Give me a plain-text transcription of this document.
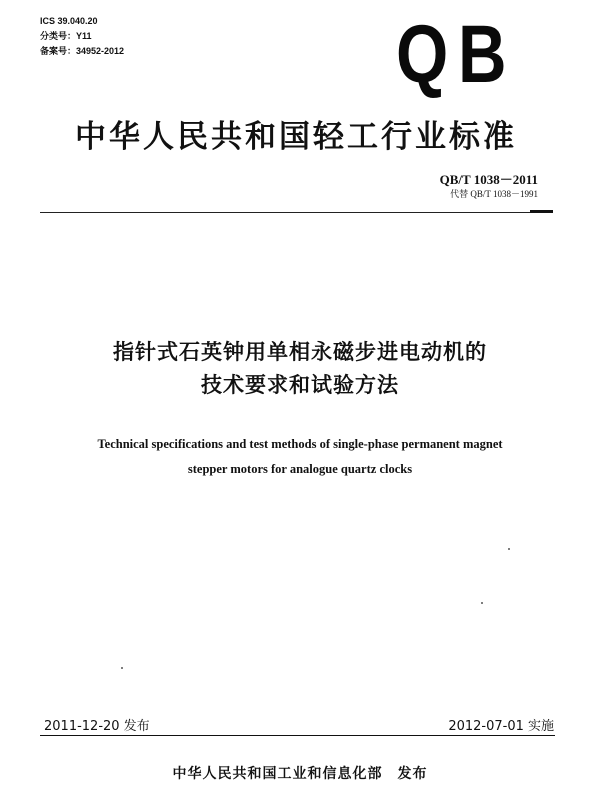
ICS 39.040.20
分类号：Y11
备案号：34952-2012	Q B
中华人民共和国轻工行业标准
QB/T 1038－2011
代替 QB/T 1038－1991
指针式石英钟用单相永磁步进电动机的
技术要求和试验方法
Technical specifications and test methods of single-phase permanent magnet
stepper motors for analogue quartz clocks
2011-12-20 发布	2012-07-01 实施
中华人民共和国工业和信息化部　发布
